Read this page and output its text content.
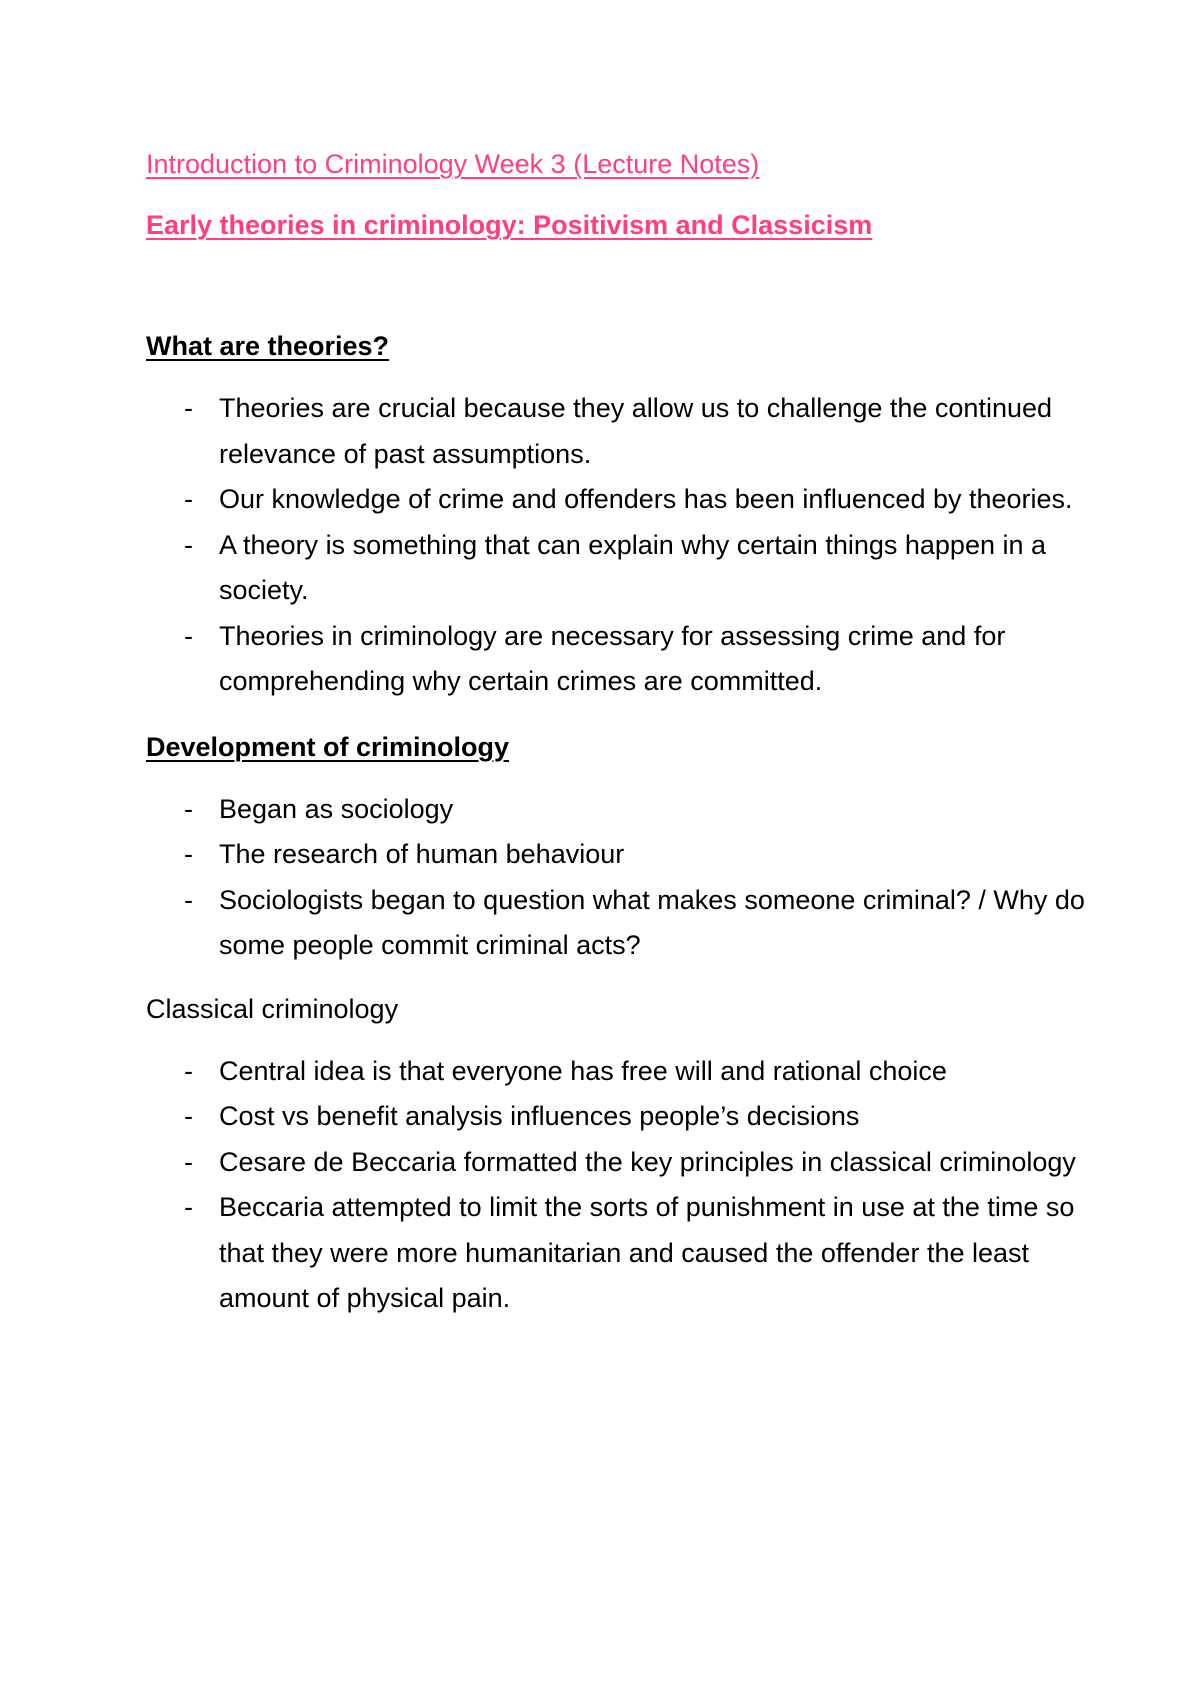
Introduction to Criminology Week 3 (Lecture Notes)

Early theories in criminology: Positivism and Classicism

What are theories?

- Theories are crucial because they allow us to challenge the continued relevance of past assumptions.
- Our knowledge of crime and offenders has been influenced by theories.
- A theory is something that can explain why certain things happen in a society.
- Theories in criminology are necessary for assessing crime and for comprehending why certain crimes are committed.

Development of criminology

- Began as sociology
- The research of human behaviour
- Sociologists began to question what makes someone criminal? / Why do some people commit criminal acts?

Classical criminology

- Central idea is that everyone has free will and rational choice
- Cost vs benefit analysis influences people’s decisions
- Cesare de Beccaria formatted the key principles in classical criminology
- Beccaria attempted to limit the sorts of punishment in use at the time so that they were more humanitarian and caused the offender the least amount of physical pain.
